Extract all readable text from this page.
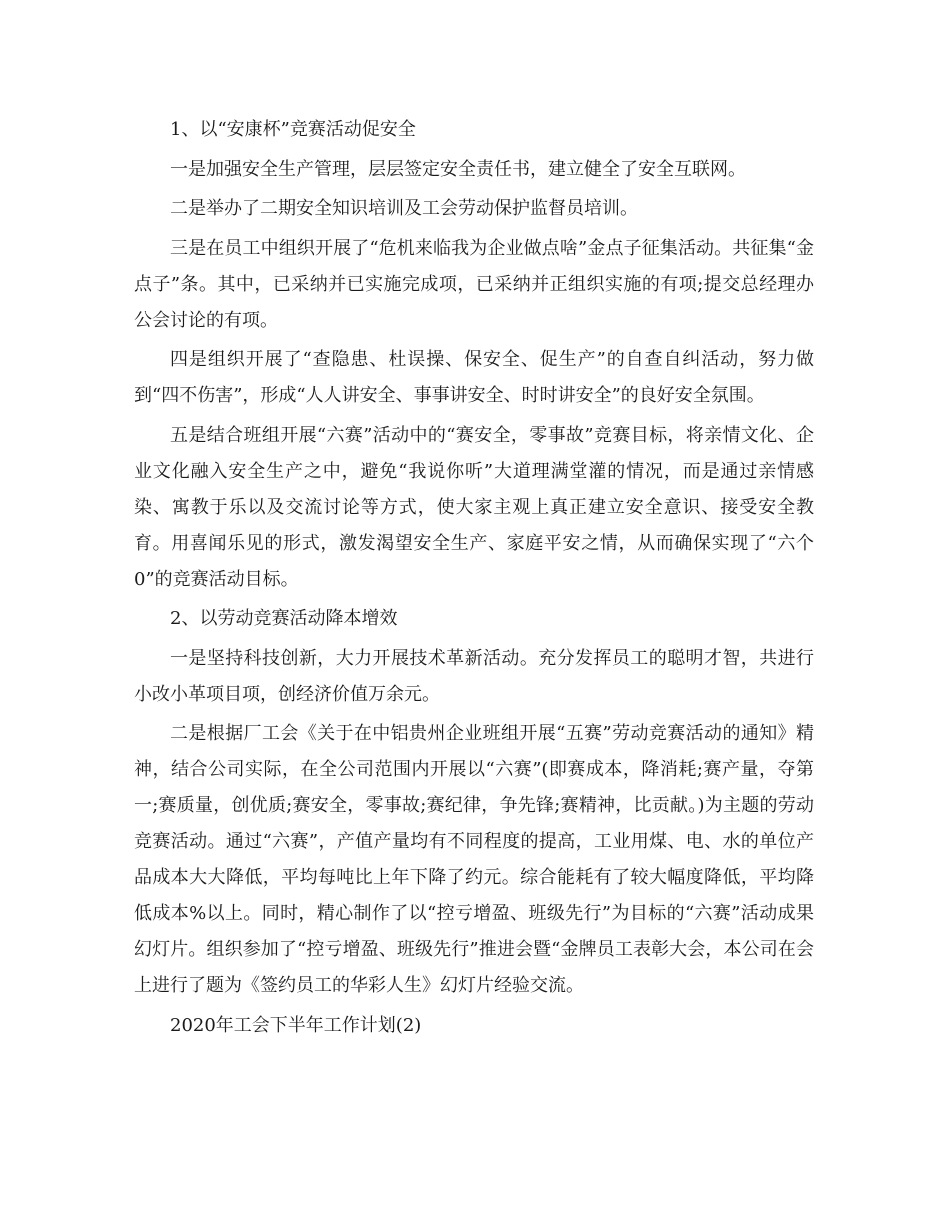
1、以“安康杯”竞赛活动促安全

一是加强安全生产管理，层层签定安全责任书，建立健全了安全互联网。

二是举办了二期安全知识培训及工会劳动保护监督员培训。

三是在员工中组织开展了“危机来临我为企业做点啥”金点子征集活动。共征集“金点子”条。其中，已采纳并已实施完成项，已采纳并正组织实施的有项;提交总经理办公会讨论的有项。

四是组织开展了“查隐患、杜误操、保安全、促生产”的自查自纠活动，努力做到“四不伤害”，形成“人人讲安全、事事讲安全、时时讲安全”的良好安全氛围。

五是结合班组开展“六赛”活动中的“赛安全，零事故”竞赛目标，将亲情文化、企业文化融入安全生产之中，避免“我说你听”大道理满堂灌的情况，而是通过亲情感染、寓教于乐以及交流讨论等方式，使大家主观上真正建立安全意识、接受安全教育。用喜闻乐见的形式，激发渴望安全生产、家庭平安之情，从而确保实现了“六个0”的竞赛活动目标。

2、以劳动竞赛活动降本增效

一是坚持科技创新，大力开展技术革新活动。充分发挥员工的聪明才智，共进行小改小革项目项，创经济价值万余元。

二是根据厂工会《关于在中铝贵州企业班组开展“五赛”劳动竞赛活动的通知》精神，结合公司实际，在全公司范围内开展以“六赛”(即赛成本，降消耗;赛产量，夺第一;赛质量，创优质;赛安全，零事故;赛纪律，争先锋;赛精神，比贡献。)为主题的劳动竞赛活动。通过“六赛”，产值产量均有不同程度的提高，工业用煤、电、水的单位产品成本大大降低，平均每吨比上年下降了约元。综合能耗有了较大幅度降低，平均降低成本%以上。同时，精心制作了以“控亏增盈、班级先行”为目标的“六赛”活动成果幻灯片。组织参加了“控亏增盈、班级先行”推进会暨“金牌员工表彰大会，本公司在会上进行了题为《签约员工的华彩人生》幻灯片经验交流。

2020年工会下半年工作计划(2)
